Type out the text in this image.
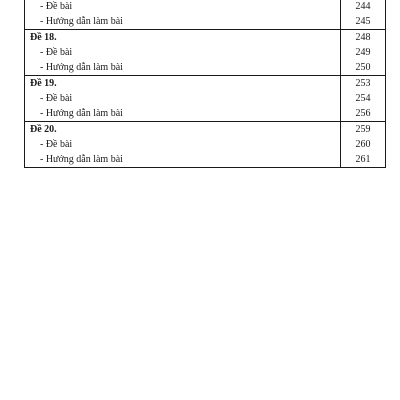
- Đề bài	244
- Hướng dẫn làm bài	245
Đề 18.	248
- Đề bài	249
- Hướng dẫn làm bài	250
Đề 19.	253
- Đề bài	254
- Hướng dẫn làm bài	256
Đề 20.	259
- Đề bài	260
- Hướng dẫn làm bài	261
